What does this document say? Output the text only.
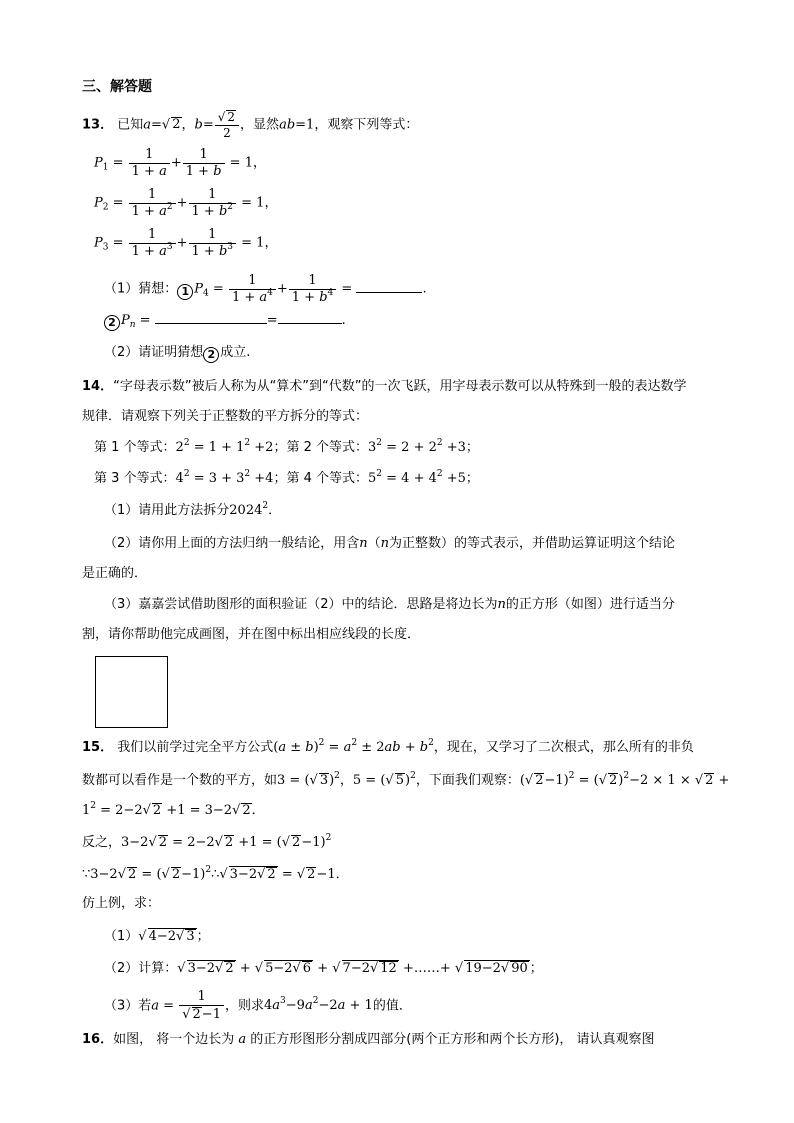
三、解答题
13． 已知a=√ 2，$b= \frac{√ 2}{2}$ ，显然ab=1，观察下列等式：
$P_1 = \frac{1}{1 + a} + \frac{1}{1 + b} = 1$，
$P_2 = \frac{1}{1 + a^2} + \frac{1}{1 + b^2} = 1$，
$P_3 = \frac{1}{1 + a^3} + \frac{1}{1 + b^3} = 1$，
（1）猜想： 1 $P_4 = \frac{1}{1 + a^4} + \frac{1}{1 + b^4}$ =	.
2 $P_n$ =	=	.
（2）请证明猜想 2 成立.
14．“字母表示数”被后人称为从“算术”到“代数”的一次飞跃，用字母表示数可以从特殊到一般的表达数学
规律．请观察下列关于正整数的平方拆分的等式：
第 1 个等式：$2^2 = 1 + 1^2 +2$；第 2 个等式：$3^2 = 2 + 2^2 +3$；
第 3 个等式：$4^2 = 3 + 3^2 +4$；第 4 个等式：$5^2 = 4 + 4^2 +5$；
（1）请用此方法拆分2024$^2$．
（2）请你用上面的方法归纳一般结论，用含n（n为正整数）的等式表示，并借助运算证明这个结论
是正确的．
（3）嘉嘉尝试借助图形的面积验证（2）中的结论．思路是将边长为n的正方形（如图）进行适当分
割，请你帮助他完成画图，并在图中标出相应线段的长度．
15． 我们以前学过完全平方公式$(a \pm b)^2 = a^2 \pm 2ab + b^2$，现在，又学习了二次根式，那么所有的非负
数都可以看作是一个数的平方，如3 = (√ 3)$^2$，5 = (√ 5)$^2$，下面我们观察：(√ 2−1)$^2$ = (√ 2)$^2$−2 × 1 × √ 2 +
$1^2 = 2-2√$ 2 +1 = 3−2√ 2．
反之，3−2√ 2 = 2−2√ 2 +1 = (√ 2−1)$^2$
∵3−2√ 2 = (√ 2−1)$^2$∴√ 3−2√ 2 = √ 2−1．
仿上例，求：
（1）√ 4−2√ 3 ；
（2）计算：√ 3−2√ 2 + √ 5−2√ 6 + √ 7−2√ 12 +……+ √ 19−2√ 90 ；
（3）若$a = \frac{1}{√ 2-1}$ ，则求$4a^3-9a^2-2a + 1$的值．
16．如图， 将一个边长为 a 的正方形图形分割成四部分(两个正方形和两个长方形)， 请认真观察图
